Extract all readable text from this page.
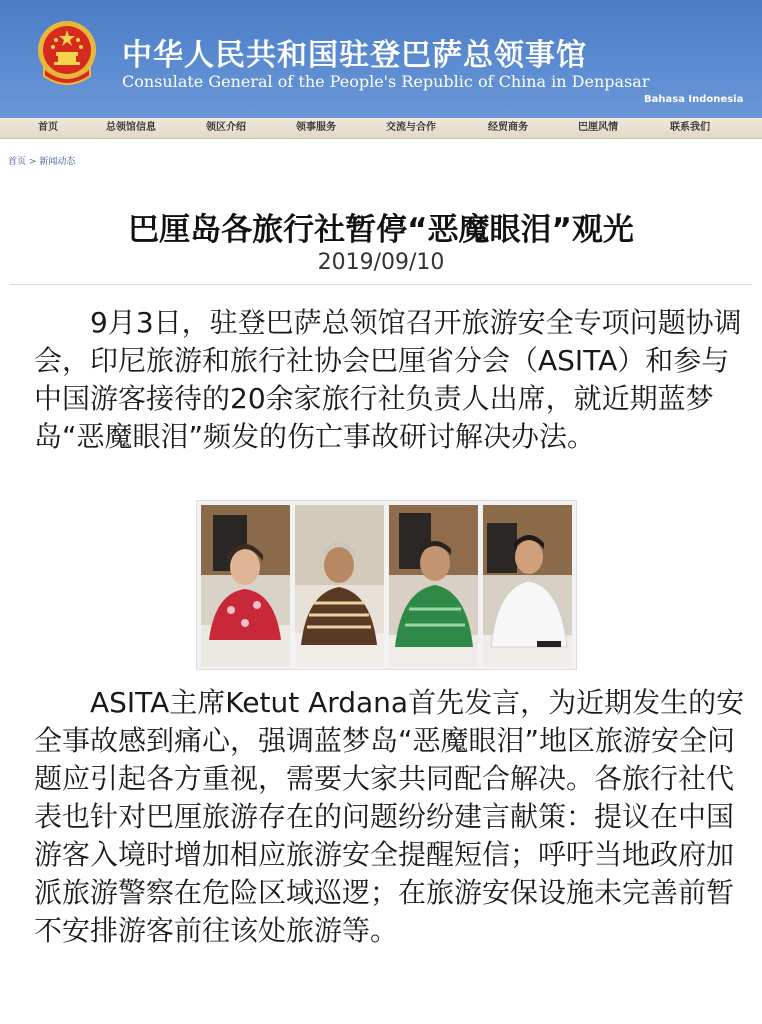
中华人民共和国驻登巴萨总领事馆
Consulate General of the People's Republic of China in Denpasar
Bahasa Indonesia
首页	总领馆信息	领区介绍	领事服务	交流与合作	经贸商务	巴厘风情	联系我们
首页 > 新闻动态
巴厘岛各旅行社暂停“恶魔眼泪”观光
2019/09/10

9月3日，驻登巴萨总领馆召开旅游安全专项问题协调会，印尼旅游和旅行社协会巴厘省分会（ASITA）和参与中国游客接待的20余家旅行社负责人出席，就近期蓝梦岛“恶魔眼泪”频发的伤亡事故研讨解决办法。

ASITA主席Ketut Ardana首先发言，为近期发生的安全事故感到痛心，强调蓝梦岛“恶魔眼泪”地区旅游安全问题应引起各方重视，需要大家共同配合解决。各旅行社代表也针对巴厘旅游存在的问题纷纷建言献策：提议在中国游客入境时增加相应旅游安全提醒短信；呼吁当地政府加派旅游警察在危险区域巡逻；在旅游安保设施未完善前暂不安排游客前往该处旅游等。
